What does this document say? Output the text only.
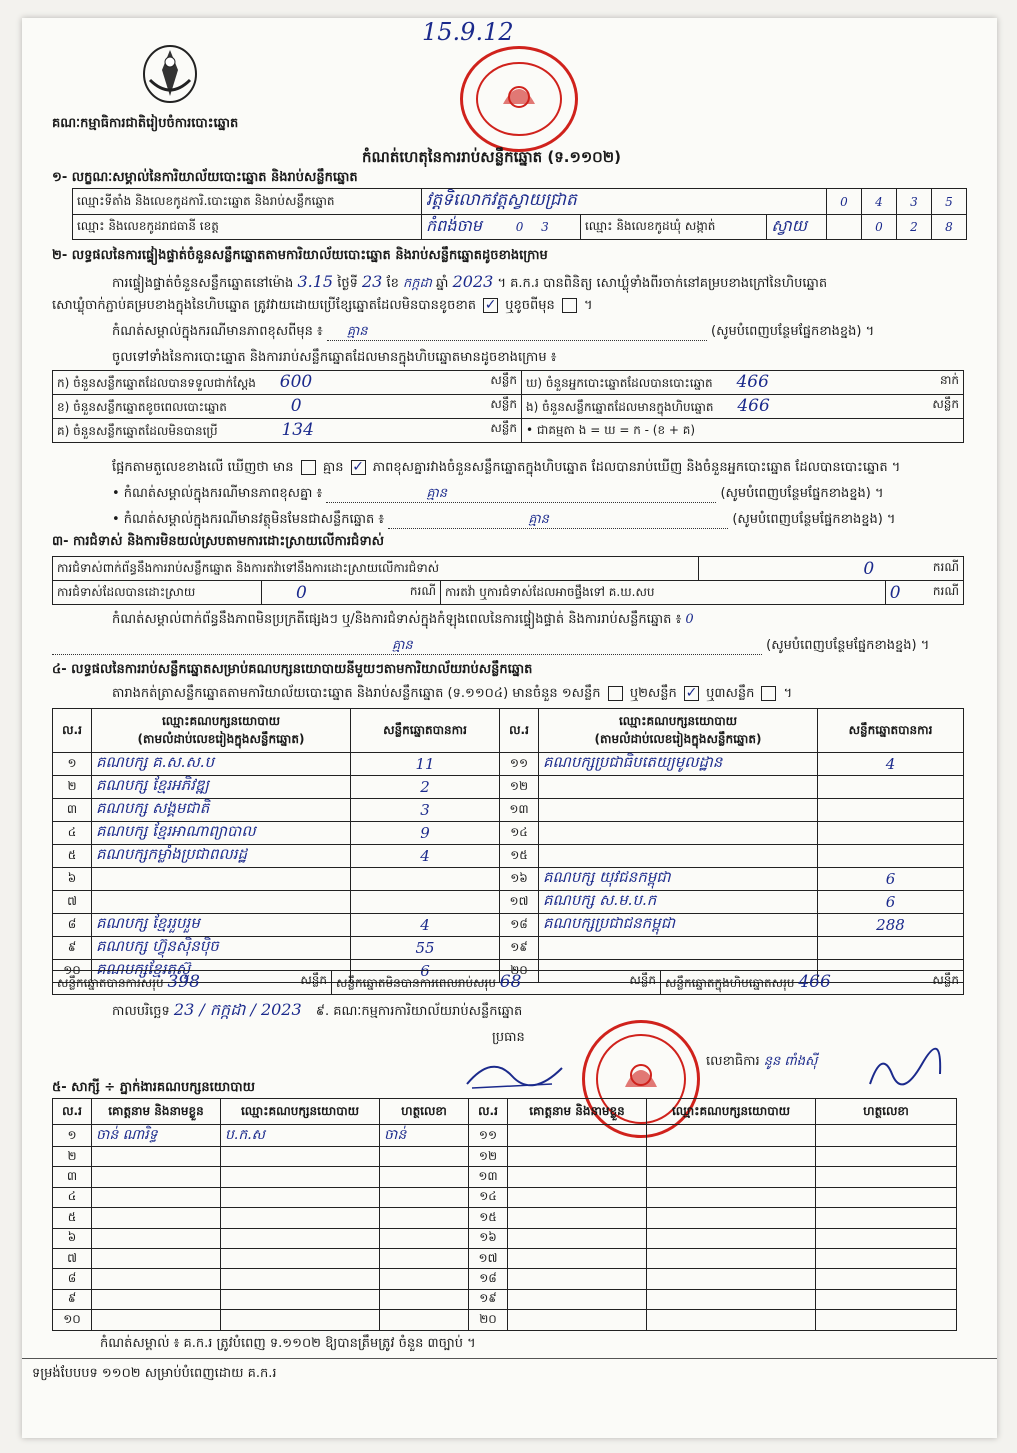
គណៈកម្មាធិការជាតិរៀបចំការបោះឆ្នោត
15.9.12
កំណត់ហេតុនៃការរាប់សន្លឹកឆ្នោត (ទ.១១០២)
១- លក្ខណៈសម្គាល់នៃការិយាល័យបោះឆ្នោត និងរាប់សន្លឹកឆ្នោត
ឈ្មោះទីតាំង និងលេខកូដការិ.បោះឆ្នោត និងរាប់សន្លឹកឆ្នោត	វត្តទិលោកវត្តស្វាយជ្រាត			0	4	3	5
ឈ្មោះ និងលេខកូដរាជធានី ខេត្ត	កំពង់ចាម 0 3	ឈ្មោះ និងលេខកូដឃុំ សង្កាត់	ស្វាយ		0	2	8
២- លទ្ធផលនៃការផ្ទៀងផ្ទាត់ចំនួនសន្លឹកឆ្នោតតាមការិយាល័យបោះឆ្នោត និងរាប់សន្លឹកឆ្នោតដូចខាងក្រោម
ការផ្ទៀងផ្ទាត់ចំនួនសន្លឹកឆ្នោតនៅម៉ោង 3.15 ថ្ងៃទី 23 ខែ កក្កដា ឆ្នាំ 2023 ។ គ.ក.រ បានពិនិត្យ សោឃ្លុំទាំងពីរចាក់នៅគម្របខាងក្រៅនៃហិបឆ្នោត
សោឃ្លុំចាក់ភ្ជាប់គម្របខាងក្នុងនៃហិបឆ្នោត ត្រូវវាយដោយប្រើខ្សែឆ្នោតដែលមិនបានខូចខាត ✓ ឬខូចពីមុន  ។
កំណត់សម្គាល់ក្នុងករណីមានភាពខុសពីមុន ៖ គ្មាន	(សូមបំពេញបន្ថែមផ្នែកខាងខ្នង) ។
ចូលទៅទាំងនៃការបោះឆ្នោត និងការរាប់សន្លឹកឆ្នោតដែលមានក្នុងហិបឆ្នោតមានដូចខាងក្រោម ៖
ក) ចំនួនសន្លឹកឆ្នោតដែលបានទទួលជាក់ស្តែង 600 សន្លឹក	ឃ) ចំនួនអ្នកបោះឆ្នោតដែលបានបោះឆ្នោត 466 នាក់

ខ) ចំនួនសន្លឹកឆ្នោតខូចពេលបោះឆ្នោត 0 សន្លឹក	ង) ចំនួនសន្លឹកឆ្នោតដែលមានក្នុងហិបឆ្នោត 466 សន្លឹក

គ) ចំនួនសន្លឹកឆ្នោតដែលមិនបានប្រើ 134 សន្លឹក	• ជាគម្មតា ង = ឃ = ក - (ខ + គ)
ផ្អែកតាមតួលេខខាងលើ ឃើញថា មាន គ្មាន ✓ ភាពខុសគ្នារវាងចំនួនសន្លឹកឆ្នោតក្នុងហិបឆ្នោត ដែលបានរាប់ឃើញ និងចំនួនអ្នកបោះឆ្នោត ដែលបានបោះឆ្នោត ។
• កំណត់សម្គាល់ក្នុងករណីមានភាពខុសគ្នា ៖	គ្មាន	(សូមបំពេញបន្ថែមផ្នែកខាងខ្នង) ។
• កំណត់សម្គាល់ក្នុងករណីមានវត្ថុមិនមែនជាសន្លឹកឆ្នោត ៖	គ្មាន	(សូមបំពេញបន្ថែមផ្នែកខាងខ្នង) ។
៣- ការជំទាស់ និងការមិនយល់ស្របតាមការដោះស្រាយលើការជំទាស់
ការជំទាស់ពាក់ព័ន្ធនឹងការរាប់សន្លឹកឆ្នោត និងការតវ៉ាទៅនឹងការដោះស្រាយលើការជំទាស់			0 ករណី	

ការជំទាស់ដែលបានដោះស្រាយ	0 ករណី	ការតវ៉ា ឬការជំទាស់ដែលអាចផ្ទឹងទៅ គ.ឃ.សប		0 ករណី
កំណត់សម្គាល់ពាក់ព័ន្ធនឹងភាពមិនប្រក្រតីផ្សេងៗ ឬ/និងការជំទាស់ក្នុងកំឡុងពេលនៃការផ្ទៀងផ្ទាត់ និងការរាប់សន្លឹកឆ្នោត ៖ 0
គ្មាន	(សូមបំពេញបន្ថែមផ្នែកខាងខ្នង) ។
៤- លទ្ធផលនៃការរាប់សន្លឹកឆ្នោតសម្រាប់គណបក្សនយោបាយនីមួយៗតាមការិយាល័យរាប់សន្លឹកឆ្នោត
តារាងកត់ត្រាសន្លឹកឆ្នោតតាមការិយាល័យបោះឆ្នោត និងរាប់សន្លឹកឆ្នោត (ទ.១១០៤) មានចំនួន ១សន្លឹក ឬ២សន្លឹក ✓ ឬ៣សន្លឹក  ។
ល.រ	ឈ្មោះគណបក្សនយោបាយ
(តាមលំដាប់លេខរៀងក្នុងសន្លឹកឆ្នោត)	សន្លឹកឆ្នោតបានការ	ល.រ	ឈ្មោះគណបក្សនយោបាយ
(តាមលំដាប់លេខរៀងក្នុងសន្លឹកឆ្នោត)	សន្លឹកឆ្នោតបានការ
១	គណបក្ស គ.ស.ស.ប	11	១១	គណបក្សប្រជាធិបតេយ្យមូលដ្ឋាន	4
២	គណបក្ស ខ្មែរអភិវឌ្ឍ	2	១២		
៣	គណបក្ស សង្គមជាតិ	3	១៣		
៤	គណបក្ស ខ្មែរអាណាព្យាបាល	9	១៤		
៥	គណបក្សកម្លាំងប្រជាពលរដ្ឋ	4	១៥		
៦			១៦	គណបក្ស យុវជនកម្ពុជា	6
៧			១៧	គណបក្ស ស.ម.ប.ក	6
៨	គណបក្ស ខ្មែររួបរួម	4	១៨	គណបក្សប្រជាជនកម្ពុជា	288
៩	គណបក្ស ហ៊្វុនស៊ិនប៉ិច	55	១៩		
១០	គណបក្សខ្មែរតស៊ូ	6	២០		
សន្លឹកឆ្នោតបានការសរុប 398	សន្លឹក	សន្លឹកឆ្នោតមិនបានការពេលរាប់សរុប 68	សន្លឹក	សន្លឹកឆ្នោតក្នុងហិបឆ្នោតសរុប 466	សន្លឹក
កាលបរិច្ឆេទ 23 / កក្កដា / 2023 ៩. គណៈកម្មការការិយាល័យរាប់សន្លឹកឆ្នោត
ប្រធាន
លេខាធិការ នូន ពាំងស៊ី
៥- សាក្សី ÷ ភ្នាក់ងារគណបក្សនយោបាយ
ល.រ	គោត្តនាម និងនាមខ្លួន	ឈ្មោះគណបក្សនយោបាយ	ហត្ថលេខា	ល.រ	គោត្តនាម និងនាមខ្លួន	ឈ្មោះគណបក្សនយោបាយ	ហត្ថលេខា
១	ចាន់ ណារិទ្ធ	ប.ក.ស	ចាន់	១១			
២				១២			
៣				១៣			
៤				១៤			
៥				១៥			
៦				១៦			
៧				១៧			
៨				១៨			
៩				១៩			
១០				២០			
កំណត់សម្គាល់ ៖ គ.ក.រ ត្រូវបំពេញ ទ.១១០២ ឱ្យបានត្រឹមត្រូវ ចំនួន ៣ច្បាប់ ។
ទម្រង់បែបបទ ១១០២ សម្រាប់បំពេញដោយ គ.ក.រ
